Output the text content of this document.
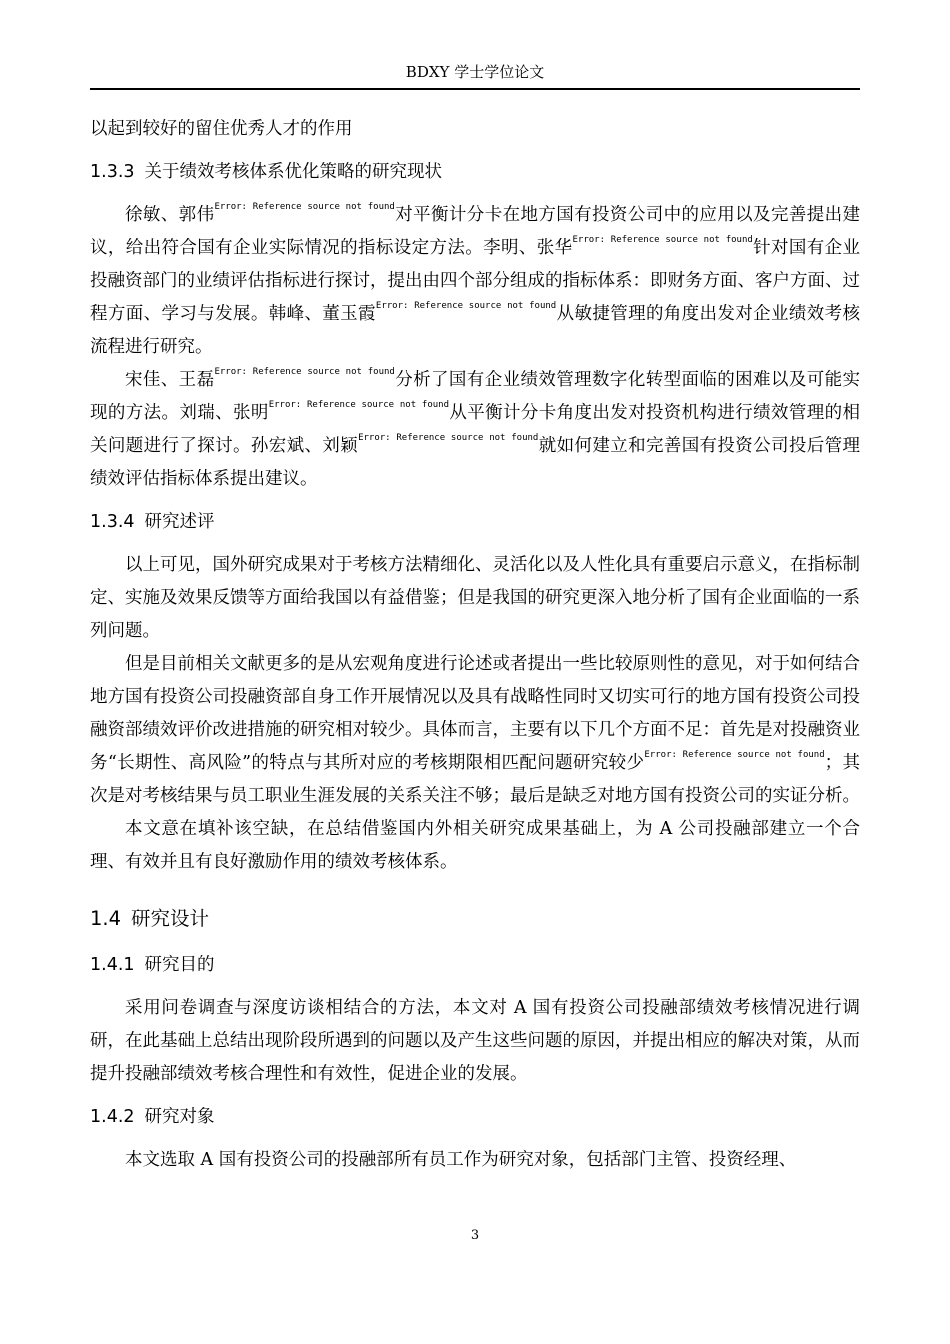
BDXY 学士学位论文

以起到较好的留住优秀人才的作用

1.3.3 关于绩效考核体系优化策略的研究现状

徐敏、郭伟$^{Error: Reference source not found}$对平衡计分卡在地方国有投资公司中的应用以及完善提出建议，给出符合国有企业实际情况的指标设定方法。李明、张华$^{Error: Reference source not found}$针对国有企业投融资部门的业绩评估指标进行探讨，提出由四个部分组成的指标体系：即财务方面、客户方面、过程方面、学习与发展。韩峰、董玉霞$^{Error: Reference source not found}$从敏捷管理的角度出发对企业绩效考核流程进行研究。

宋佳、王磊$^{Error: Reference source not found}$分析了国有企业绩效管理数字化转型面临的困难以及可能实现的方法。刘瑞、张明$^{Error: Reference source not found}$从平衡计分卡角度出发对投资机构进行绩效管理的相关问题进行了探讨。孙宏斌、刘颖$^{Error: Reference source not found}$就如何建立和完善国有投资公司投后管理绩效评估指标体系提出建议。

1.3.4 研究述评

以上可见，国外研究成果对于考核方法精细化、灵活化以及人性化具有重要启示意义，在指标制定、实施及效果反馈等方面给我国以有益借鉴；但是我国的研究更深入地分析了国有企业面临的一系列问题。

但是目前相关文献更多的是从宏观角度进行论述或者提出一些比较原则性的意见，对于如何结合地方国有投资公司投融资部自身工作开展情况以及具有战略性同时又切实可行的地方国有投资公司投融资部绩效评价改进措施的研究相对较少。具体而言，主要有以下几个方面不足：首先是对投融资业务“长期性、高风险”的特点与其所对应的考核期限相匹配问题研究较少$^{Error: Reference source not found}$；其次是对考核结果与员工职业生涯发展的关系关注不够；最后是缺乏对地方国有投资公司的实证分析。

本文意在填补该空缺，在总结借鉴国内外相关研究成果基础上，为 A 公司投融部建立一个合理、有效并且有良好激励作用的绩效考核体系。

1.4 研究设计
1.4.1 研究目的

采用问卷调查与深度访谈相结合的方法，本文对 A 国有投资公司投融部绩效考核情况进行调研，在此基础上总结出现阶段所遇到的问题以及产生这些问题的原因，并提出相应的解决对策，从而提升投融部绩效考核合理性和有效性，促进企业的发展。

1.4.2 研究对象

本文选取 A 国有投资公司的投融部所有员工作为研究对象，包括部门主管、投资经理、

3
